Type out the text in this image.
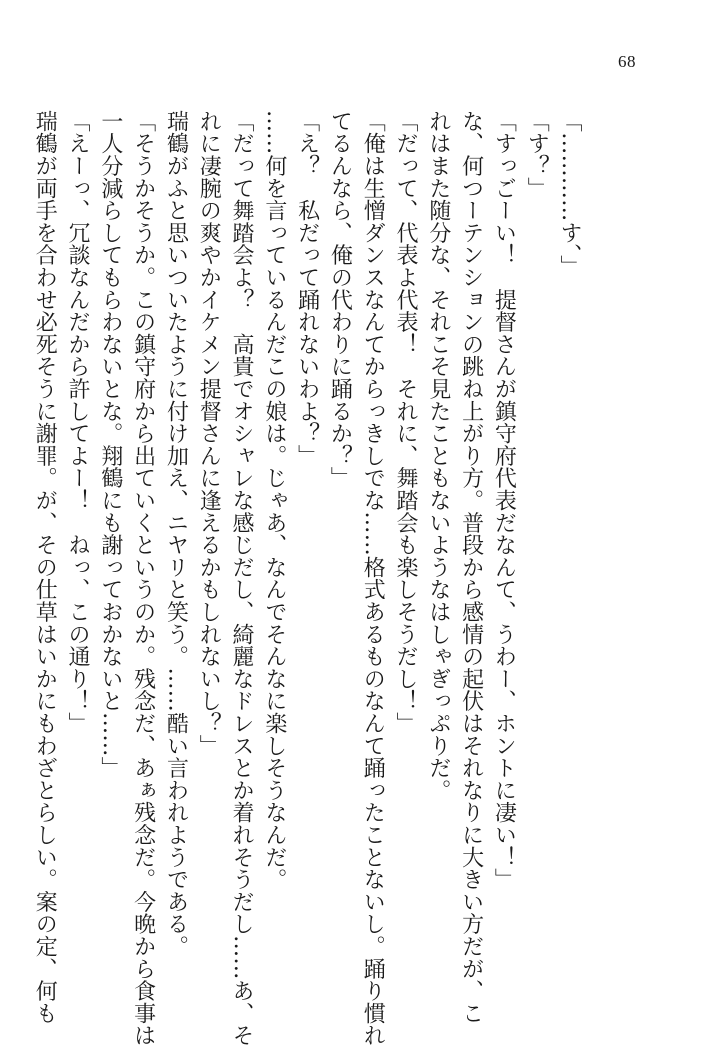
68
「…………す、」
「す？」
「すっごーい！　提督さんが鎮守府代表だなんて、うわー、ホントに凄い！」
な、何つーテンションの跳ね上がり方。普段から感情の起伏はそれなりに大きい方だが、こ
れはまた随分な、それこそ見たこともないようなはしゃぎっぷりだ。
「だって、代表よ代表！　それに、舞踏会も楽しそうだし！」
「俺は生憎ダンスなんてからっきしでな……格式あるものなんて踊ったことないし。踊り慣れ
てるんなら、俺の代わりに踊るか？」
「え？　私だって踊れないわよ？」
……何を言っているんだこの娘は。じゃあ、なんでそんなに楽しそうなんだ。
「だって舞踏会よ？　高貴でオシャレな感じだし、綺麗なドレスとか着れそうだし……あ、そ
れに凄腕の爽やかイケメン提督さんに逢えるかもしれないし？」
瑞鶴がふと思いついたように付け加え、ニヤリと笑う。……酷い言われようである。
「そうかそうか。この鎮守府から出ていくというのか。残念だ、あぁ残念だ。今晩から食事は
一人分減らしてもらわないとな。翔鶴にも謝っておかないと……」
「えーっ、冗談なんだから許してよー！　ねっ、この通り！」
瑞鶴が両手を合わせ必死そうに謝罪。が、その仕草はいかにもわざとらしい。案の定、何も
